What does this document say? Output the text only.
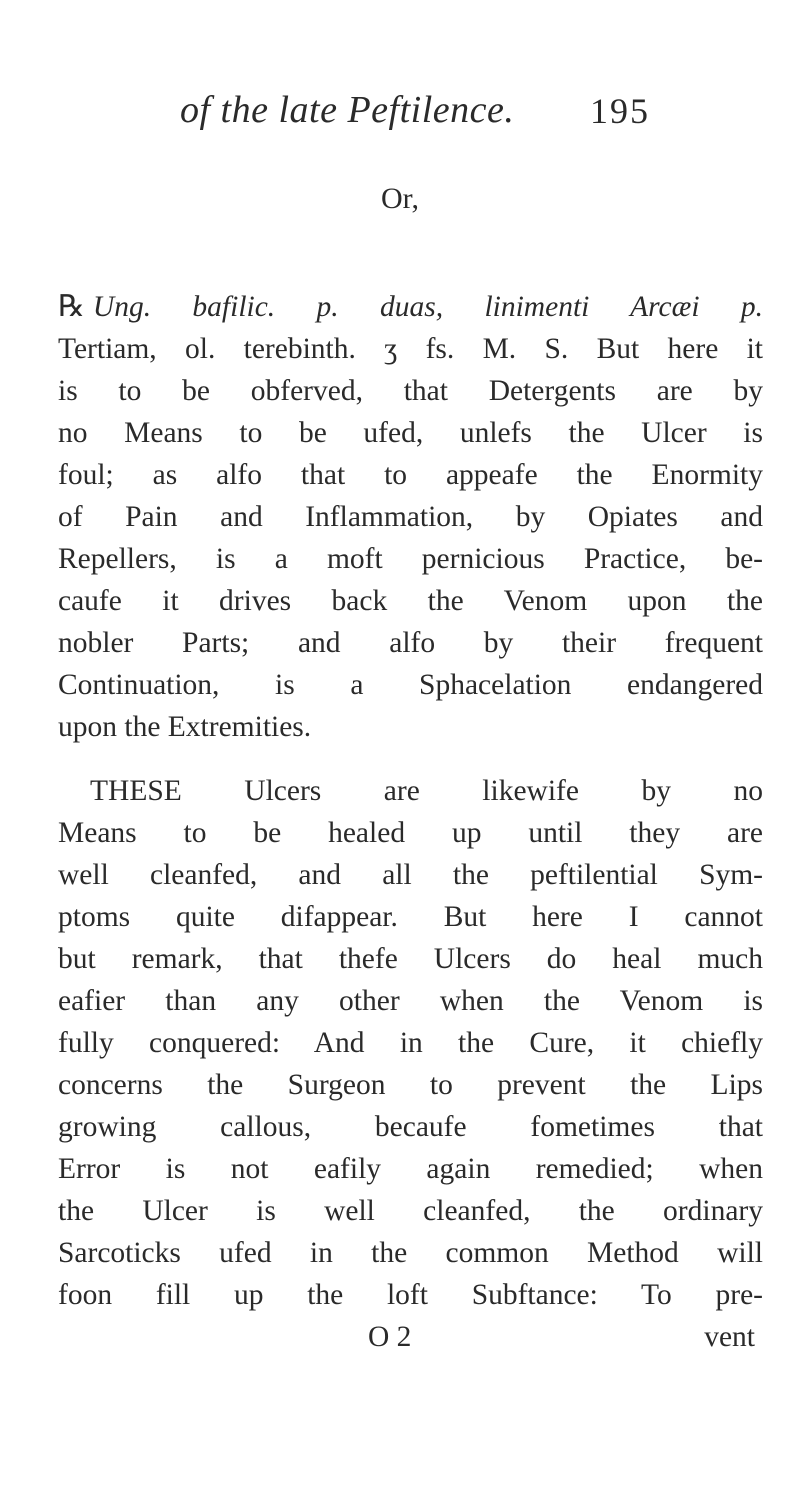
of the late Peftilence. 195
Or,
℞ Ung. bafilic. p. duas, linimenti Arcæi p.
Tertiam, ol. terebinth. ʒ fs. M. S. But here it
is to be obferved, that Detergents are by
no Means to be ufed, unlefs the Ulcer is
foul; as alfo that to appeafe the Enormity
of Pain and Inflammation, by Opiates and
Repellers, is a moft pernicious Practice, be-
caufe it drives back the Venom upon the
nobler Parts; and alfo by their frequent
Continuation, is a Sphacelation endangered
upon the Extremities.
THESE Ulcers are likewife by no
Means to be healed up until they are
well cleanfed, and all the peftilential Sym-
ptoms quite difappear. But here I cannot
but remark, that thefe Ulcers do heal much
eafier than any other when the Venom is
fully conquered: And in the Cure, it chiefly
concerns the Surgeon to prevent the Lips
growing callous, becaufe fometimes that
Error is not eafily again remedied; when
the Ulcer is well cleanfed, the ordinary
Sarcoticks ufed in the common Method will
foon fill up the loft Subftance: To pre-
O 2	vent
